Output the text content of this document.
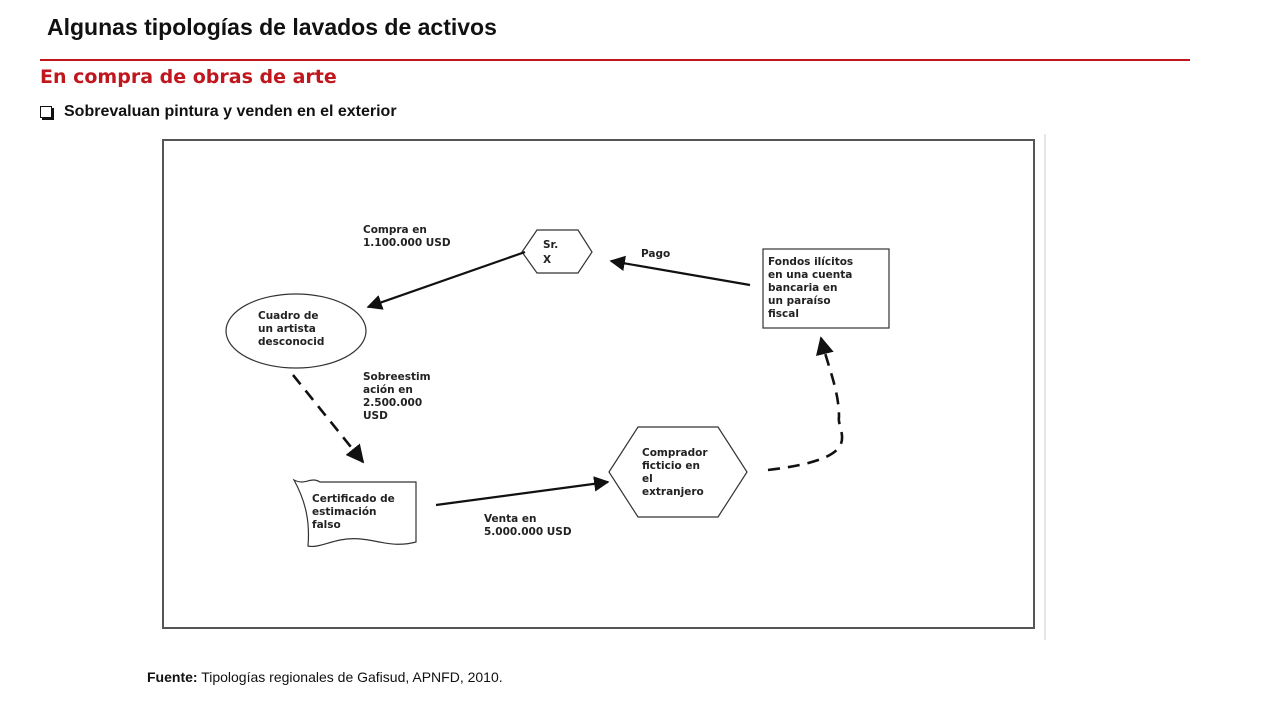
Algunas tipologías de lavados de activos
En compra de obras de arte
Sobrevaluan pintura y venden en el exterior
Sr. X	Fondos ilícitos en una cuenta bancaria en un paraíso fiscal
Cuadro de un artista desconocid
Certificado de estimación falso
Comprador ficticio en el extranjero
Compra en 1.100.000 USD
Pago
Sobreestim ación en 2.500.000 USD
Venta en 5.000.000 USD
Fuente: Tipologías regionales de Gafisud, APNFD, 2010.
